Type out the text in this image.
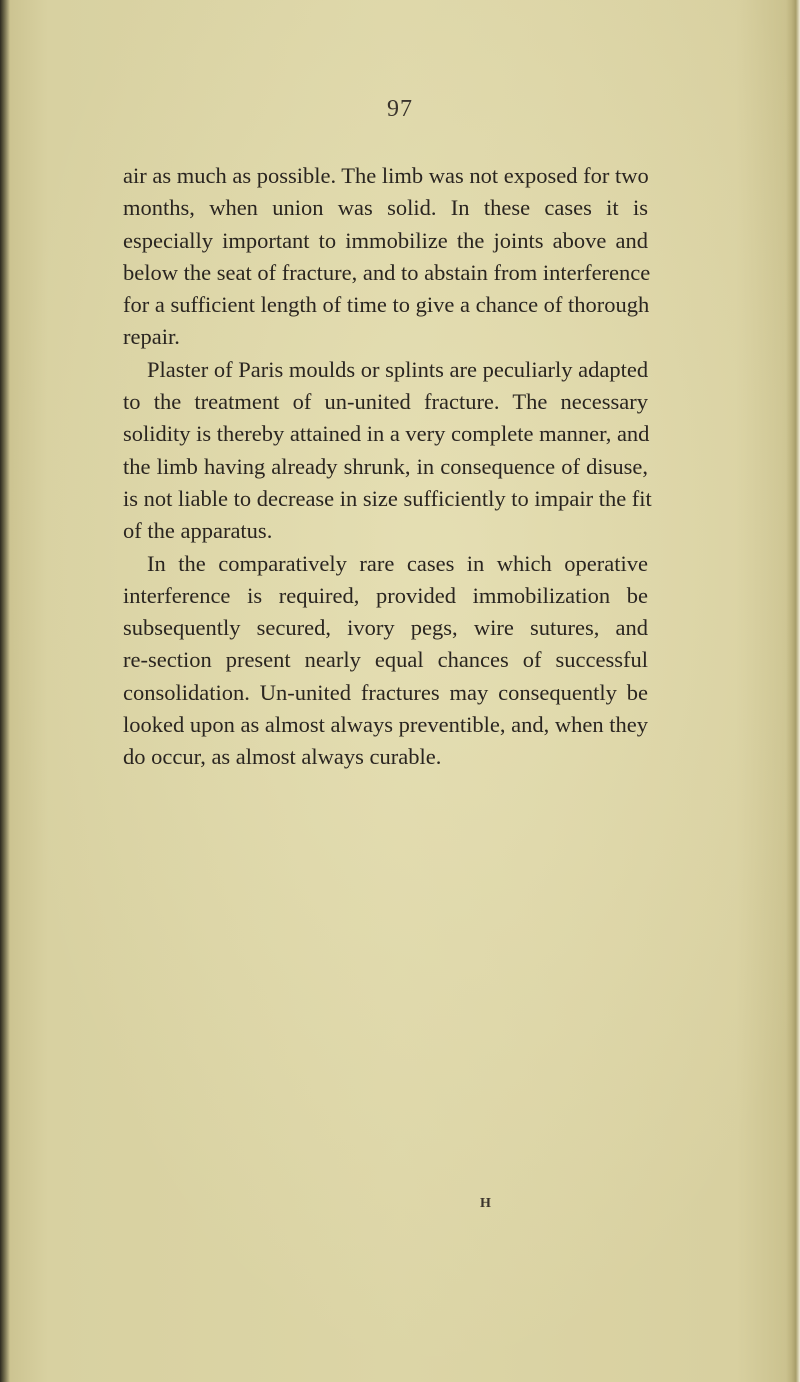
97

air as much as possible. The limb was not exposed for two
months, when union was solid. In these cases it is
especially important to immobilize the joints above and
below the seat of fracture, and to abstain from interference
for a sufficient length of time to give a chance of thorough
repair.

Plaster of Paris moulds or splints are peculiarly adapted
to the treatment of un-united fracture. The necessary
solidity is thereby attained in a very complete manner, and
the limb having already shrunk, in consequence of disuse,
is not liable to decrease in size sufficiently to impair the fit
of the apparatus.

In the comparatively rare cases in which operative
interference is required, provided immobilization be
subsequently secured, ivory pegs, wire sutures, and
re-section present nearly equal chances of successful
consolidation. Un-united fractures may consequently be
looked upon as almost always preventible, and, when they
do occur, as almost always curable.

H
